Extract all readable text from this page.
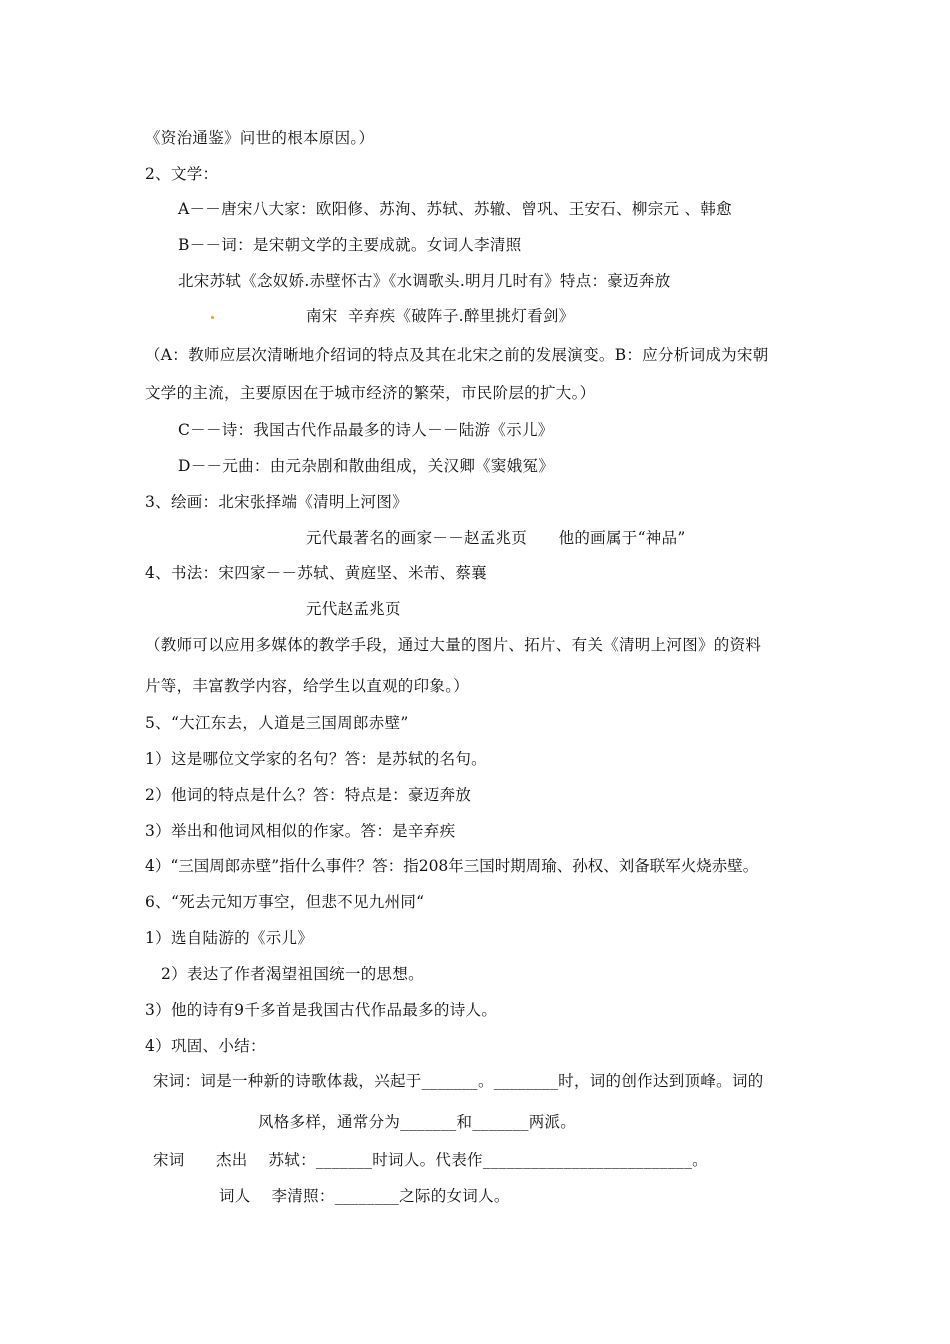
《资治通鉴》问世的根本原因。）
2、文学：
A－－唐宋八大家：欧阳修、苏洵、苏轼、苏辙、曾巩、王安石、柳宗元 、韩愈
B－－词：是宋朝文学的主要成就。女词人李清照
北宋苏轼《念奴娇.赤壁怀古》《水调歌头.明月几时有》特点：豪迈奔放
南宋  辛弃疾《破阵子.醉里挑灯看剑》
（A：教师应层次清晰地介绍词的特点及其在北宋之前的发展演变。B：应分析词成为宋朝
文学的主流，主要原因在于城市经济的繁荣，市民阶层的扩大。）
C－－诗：我国古代作品最多的诗人－－陆游《示儿》
D－－元曲：由元杂剧和散曲组成，关汉卿《窦娥冤》
3、绘画：北宋张择端《清明上河图》
元代最著名的画家－－赵孟兆页      他的画属于“神品”
4、书法：宋四家－－苏轼、黄庭坚、米芾、蔡襄
元代赵孟兆页
（教师可以应用多媒体的教学手段，通过大量的图片、拓片、有关《清明上河图》的资料
片等，丰富教学内容，给学生以直观的印象。）
5、“大江东去，人道是三国周郎赤壁”
1）这是哪位文学家的名句？答：是苏轼的名句。
2）他词的特点是什么？答：特点是：豪迈奔放
3）举出和他词风相似的作家。答：是辛弃疾
4）“三国周郎赤壁”指什么事件？答：指208年三国时期周瑜、孙权、刘备联军火烧赤壁。
6、“死去元知万事空，但悲不见九州同“
1）选自陆游的《示儿》
2）表达了作者渴望祖国统一的思想。
3）他的诗有9千多首是我国古代作品最多的诗人。
4）巩固、小结：
宋词：词是一种新的诗歌体裁，兴起于_______。________时，词的创作达到顶峰。词的
风格多样，通常分为_______和_______两派。
宋词      杰出    苏轼：_______时词人。代表作__________________________。
词人    李清照：________之际的女词人。
